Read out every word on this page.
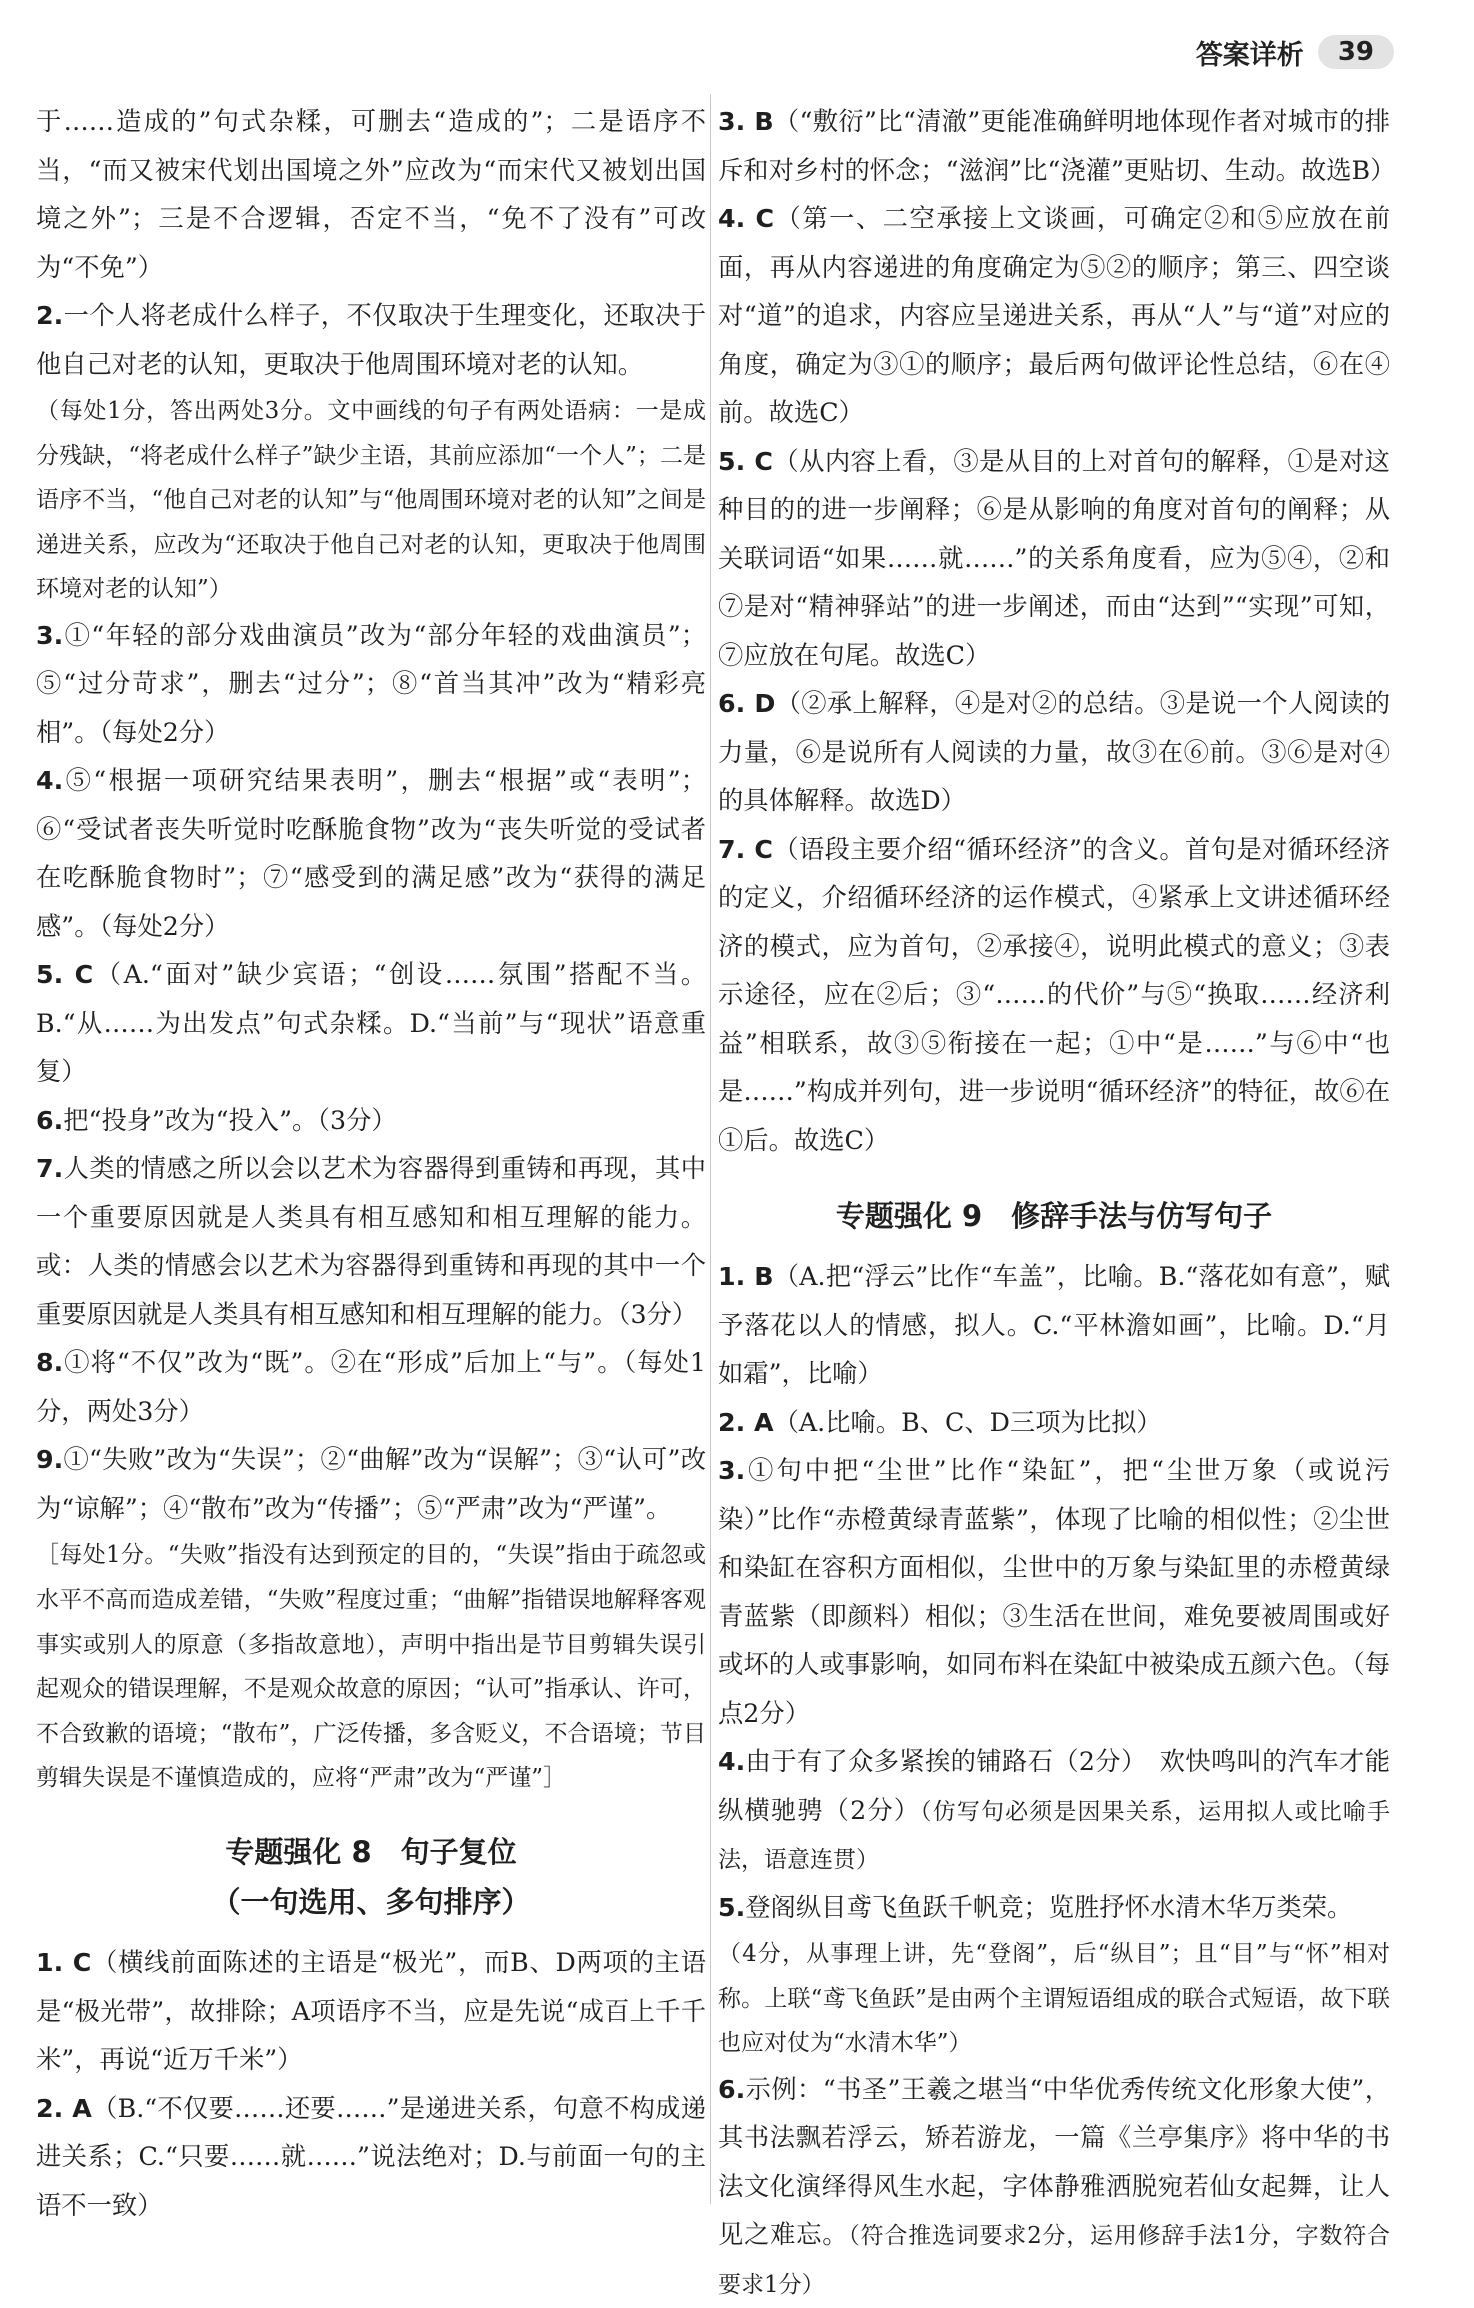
答案详析	39

于……造成的”句式杂糅，可删去“造成的”；二是语序不当，“而又被宋代划出国境之外”应改为“而宋代又被划出国境之外”；三是不合逻辑，否定不当，“免不了没有”可改为“不免”）

2.一个人将老成什么样子，不仅取决于生理变化，还取决于他自己对老的认知，更取决于他周围环境对老的认知。

（每处1分，答出两处3分。文中画线的句子有两处语病：一是成分残缺，“将老成什么样子”缺少主语，其前应添加“一个人”；二是语序不当，“他自己对老的认知”与“他周围环境对老的认知”之间是递进关系，应改为“还取决于他自己对老的认知，更取决于他周围环境对老的认知”）

3.①“年轻的部分戏曲演员”改为“部分年轻的戏曲演员”；⑤“过分苛求”，删去“过分”；⑧“首当其冲”改为“精彩亮相”。（每处2分）

4.⑤“根据一项研究结果表明”，删去“根据”或“表明”；⑥“受试者丧失听觉时吃酥脆食物”改为“丧失听觉的受试者在吃酥脆食物时”；⑦“感受到的满足感”改为“获得的满足感”。（每处2分）

5. C（A.“面对”缺少宾语；“创设……氛围”搭配不当。B.“从……为出发点”句式杂糅。D.“当前”与“现状”语意重复）

6.把“投身”改为“投入”。（3分）

7.人类的情感之所以会以艺术为容器得到重铸和再现，其中一个重要原因就是人类具有相互感知和相互理解的能力。或：人类的情感会以艺术为容器得到重铸和再现的其中一个重要原因就是人类具有相互感知和相互理解的能力。（3分）

8.①将“不仅”改为“既”。②在“形成”后加上“与”。（每处1分，两处3分）

9.①“失败”改为“失误”；②“曲解”改为“误解”；③“认可”改为“谅解”；④“散布”改为“传播”；⑤“严肃”改为“严谨”。

［每处1分。“失败”指没有达到预定的目的，“失误”指由于疏忽或水平不高而造成差错，“失败”程度过重；“曲解”指错误地解释客观事实或别人的原意（多指故意地），声明中指出是节目剪辑失误引起观众的错误理解，不是观众故意的原因；“认可”指承认、许可，不合致歉的语境；“散布”，广泛传播，多含贬义，不合语境；节目剪辑失误是不谨慎造成的，应将“严肃”改为“严谨”］

专题强化 8　句子复位

（一句选用、多句排序）

1. C（横线前面陈述的主语是“极光”，而B、D两项的主语是“极光带”，故排除；A项语序不当，应是先说“成百上千千米”，再说“近万千米”）

2. A（B.“不仅要……还要……”是递进关系，句意不构成递进关系；C.“只要……就……”说法绝对；D.与前面一句的主语不一致）

3. B（“敷衍”比“清澈”更能准确鲜明地体现作者对城市的排斥和对乡村的怀念；“滋润”比“浇灌”更贴切、生动。故选B）

4. C（第一、二空承接上文谈画，可确定②和⑤应放在前面，再从内容递进的角度确定为⑤②的顺序；第三、四空谈对“道”的追求，内容应呈递进关系，再从“人”与“道”对应的角度，确定为③①的顺序；最后两句做评论性总结，⑥在④前。故选C）

5. C（从内容上看，③是从目的上对首句的解释，①是对这种目的的进一步阐释；⑥是从影响的角度对首句的阐释；从关联词语“如果……就……”的关系角度看，应为⑤④，②和⑦是对“精神驿站”的进一步阐述，而由“达到”“实现”可知，⑦应放在句尾。故选C）

6. D（②承上解释，④是对②的总结。③是说一个人阅读的力量，⑥是说所有人阅读的力量，故③在⑥前。③⑥是对④的具体解释。故选D）

7. C（语段主要介绍“循环经济”的含义。首句是对循环经济的定义，介绍循环经济的运作模式，④紧承上文讲述循环经济的模式，应为首句，②承接④，说明此模式的意义；③表示途径，应在②后；③“……的代价”与⑤“换取……经济利益”相联系，故③⑤衔接在一起；①中“是……”与⑥中“也是……”构成并列句，进一步说明“循环经济”的特征，故⑥在①后。故选C）

专题强化 9　修辞手法与仿写句子

1. B（A.把“浮云”比作“车盖”，比喻。B.“落花如有意”，赋予落花以人的情感，拟人。C.“平林澹如画”，比喻。D.“月如霜”，比喻）

2. A（A.比喻。B、C、D三项为比拟）

3.①句中把“尘世”比作“染缸”，把“尘世万象（或说污染）”比作“赤橙黄绿青蓝紫”，体现了比喻的相似性；②尘世和染缸在容积方面相似，尘世中的万象与染缸里的赤橙黄绿青蓝紫（即颜料）相似；③生活在世间，难免要被周围或好或坏的人或事影响，如同布料在染缸中被染成五颜六色。（每点2分）

4.由于有了众多紧挨的铺路石（2分）　欢快鸣叫的汽车才能纵横驰骋（2分）（仿写句必须是因果关系，运用拟人或比喻手法，语意连贯）

5.登阁纵目鸢飞鱼跃千帆竞；览胜抒怀水清木华万类荣。

（4分，从事理上讲，先“登阁”，后“纵目”；且“目”与“怀”相对称。上联“鸢飞鱼跃”是由两个主谓短语组成的联合式短语，故下联也应对仗为“水清木华”）

6.示例：“书圣”王羲之堪当“中华优秀传统文化形象大使”，其书法飘若浮云，矫若游龙，一篇《兰亭集序》将中华的书法文化演绎得风生水起，字体静雅洒脱宛若仙女起舞，让人见之难忘。（符合推选词要求2分，运用修辞手法1分，字数符合要求1分）
